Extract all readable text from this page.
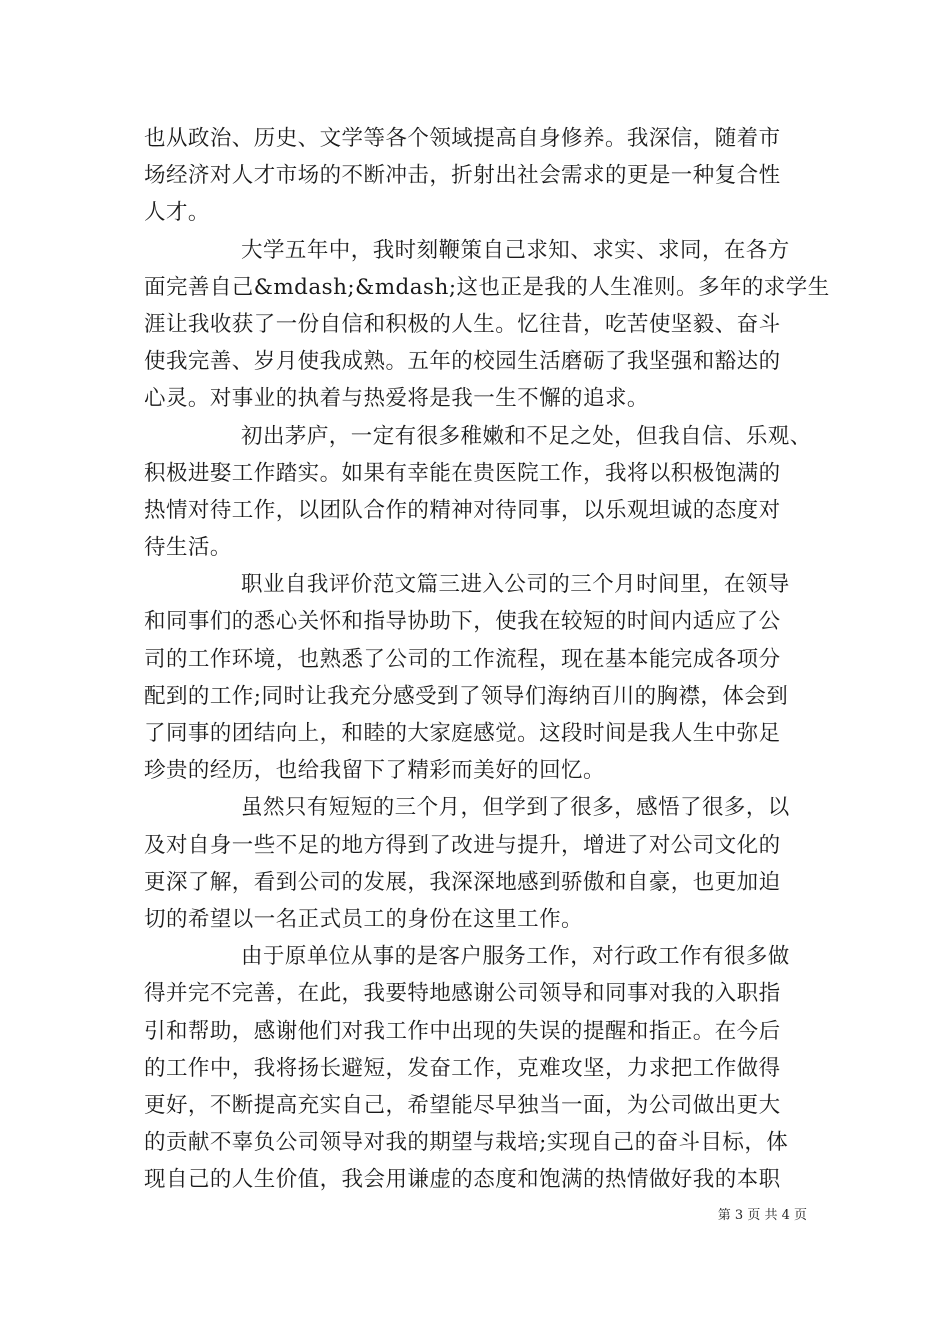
也从政治、历史、文学等各个领域提高自身修养。我深信，随着市
场经济对人才市场的不断冲击，折射出社会需求的更是一种复合性
人才。
大学五年中，我时刻鞭策自己求知、求实、求同，在各方
面完善自己&mdash;&mdash;这也正是我的人生准则。多年的求学生
涯让我收获了一份自信和积极的人生。忆往昔，吃苦使坚毅、奋斗
使我完善、岁月使我成熟。五年的校园生活磨砺了我坚强和豁达的
心灵。对事业的执着与热爱将是我一生不懈的追求。
初出茅庐，一定有很多稚嫩和不足之处，但我自信、乐观、
积极进娶工作踏实。如果有幸能在贵医院工作，我将以积极饱满的
热情对待工作，以团队合作的精神对待同事，以乐观坦诚的态度对
待生活。
职业自我评价范文篇三进入公司的三个月时间里，在领导
和同事们的悉心关怀和指导协助下，使我在较短的时间内适应了公
司的工作环境，也熟悉了公司的工作流程，现在基本能完成各项分
配到的工作;同时让我充分感受到了领导们海纳百川的胸襟，体会到
了同事的团结向上，和睦的大家庭感觉。这段时间是我人生中弥足
珍贵的经历，也给我留下了精彩而美好的回忆。
虽然只有短短的三个月，但学到了很多，感悟了很多，以
及对自身一些不足的地方得到了改进与提升，增进了对公司文化的
更深了解，看到公司的发展，我深深地感到骄傲和自豪，也更加迫
切的希望以一名正式员工的身份在这里工作。
由于原单位从事的是客户服务工作，对行政工作有很多做
得并完不完善，在此，我要特地感谢公司领导和同事对我的入职指
引和帮助，感谢他们对我工作中出现的失误的提醒和指正。在今后
的工作中，我将扬长避短，发奋工作，克难攻坚，力求把工作做得
更好，不断提高充实自己，希望能尽早独当一面，为公司做出更大
的贡献不辜负公司领导对我的期望与栽培;实现自己的奋斗目标，体
现自己的人生价值，我会用谦虚的态度和饱满的热情做好我的本职
第 3 页 共 4 页
